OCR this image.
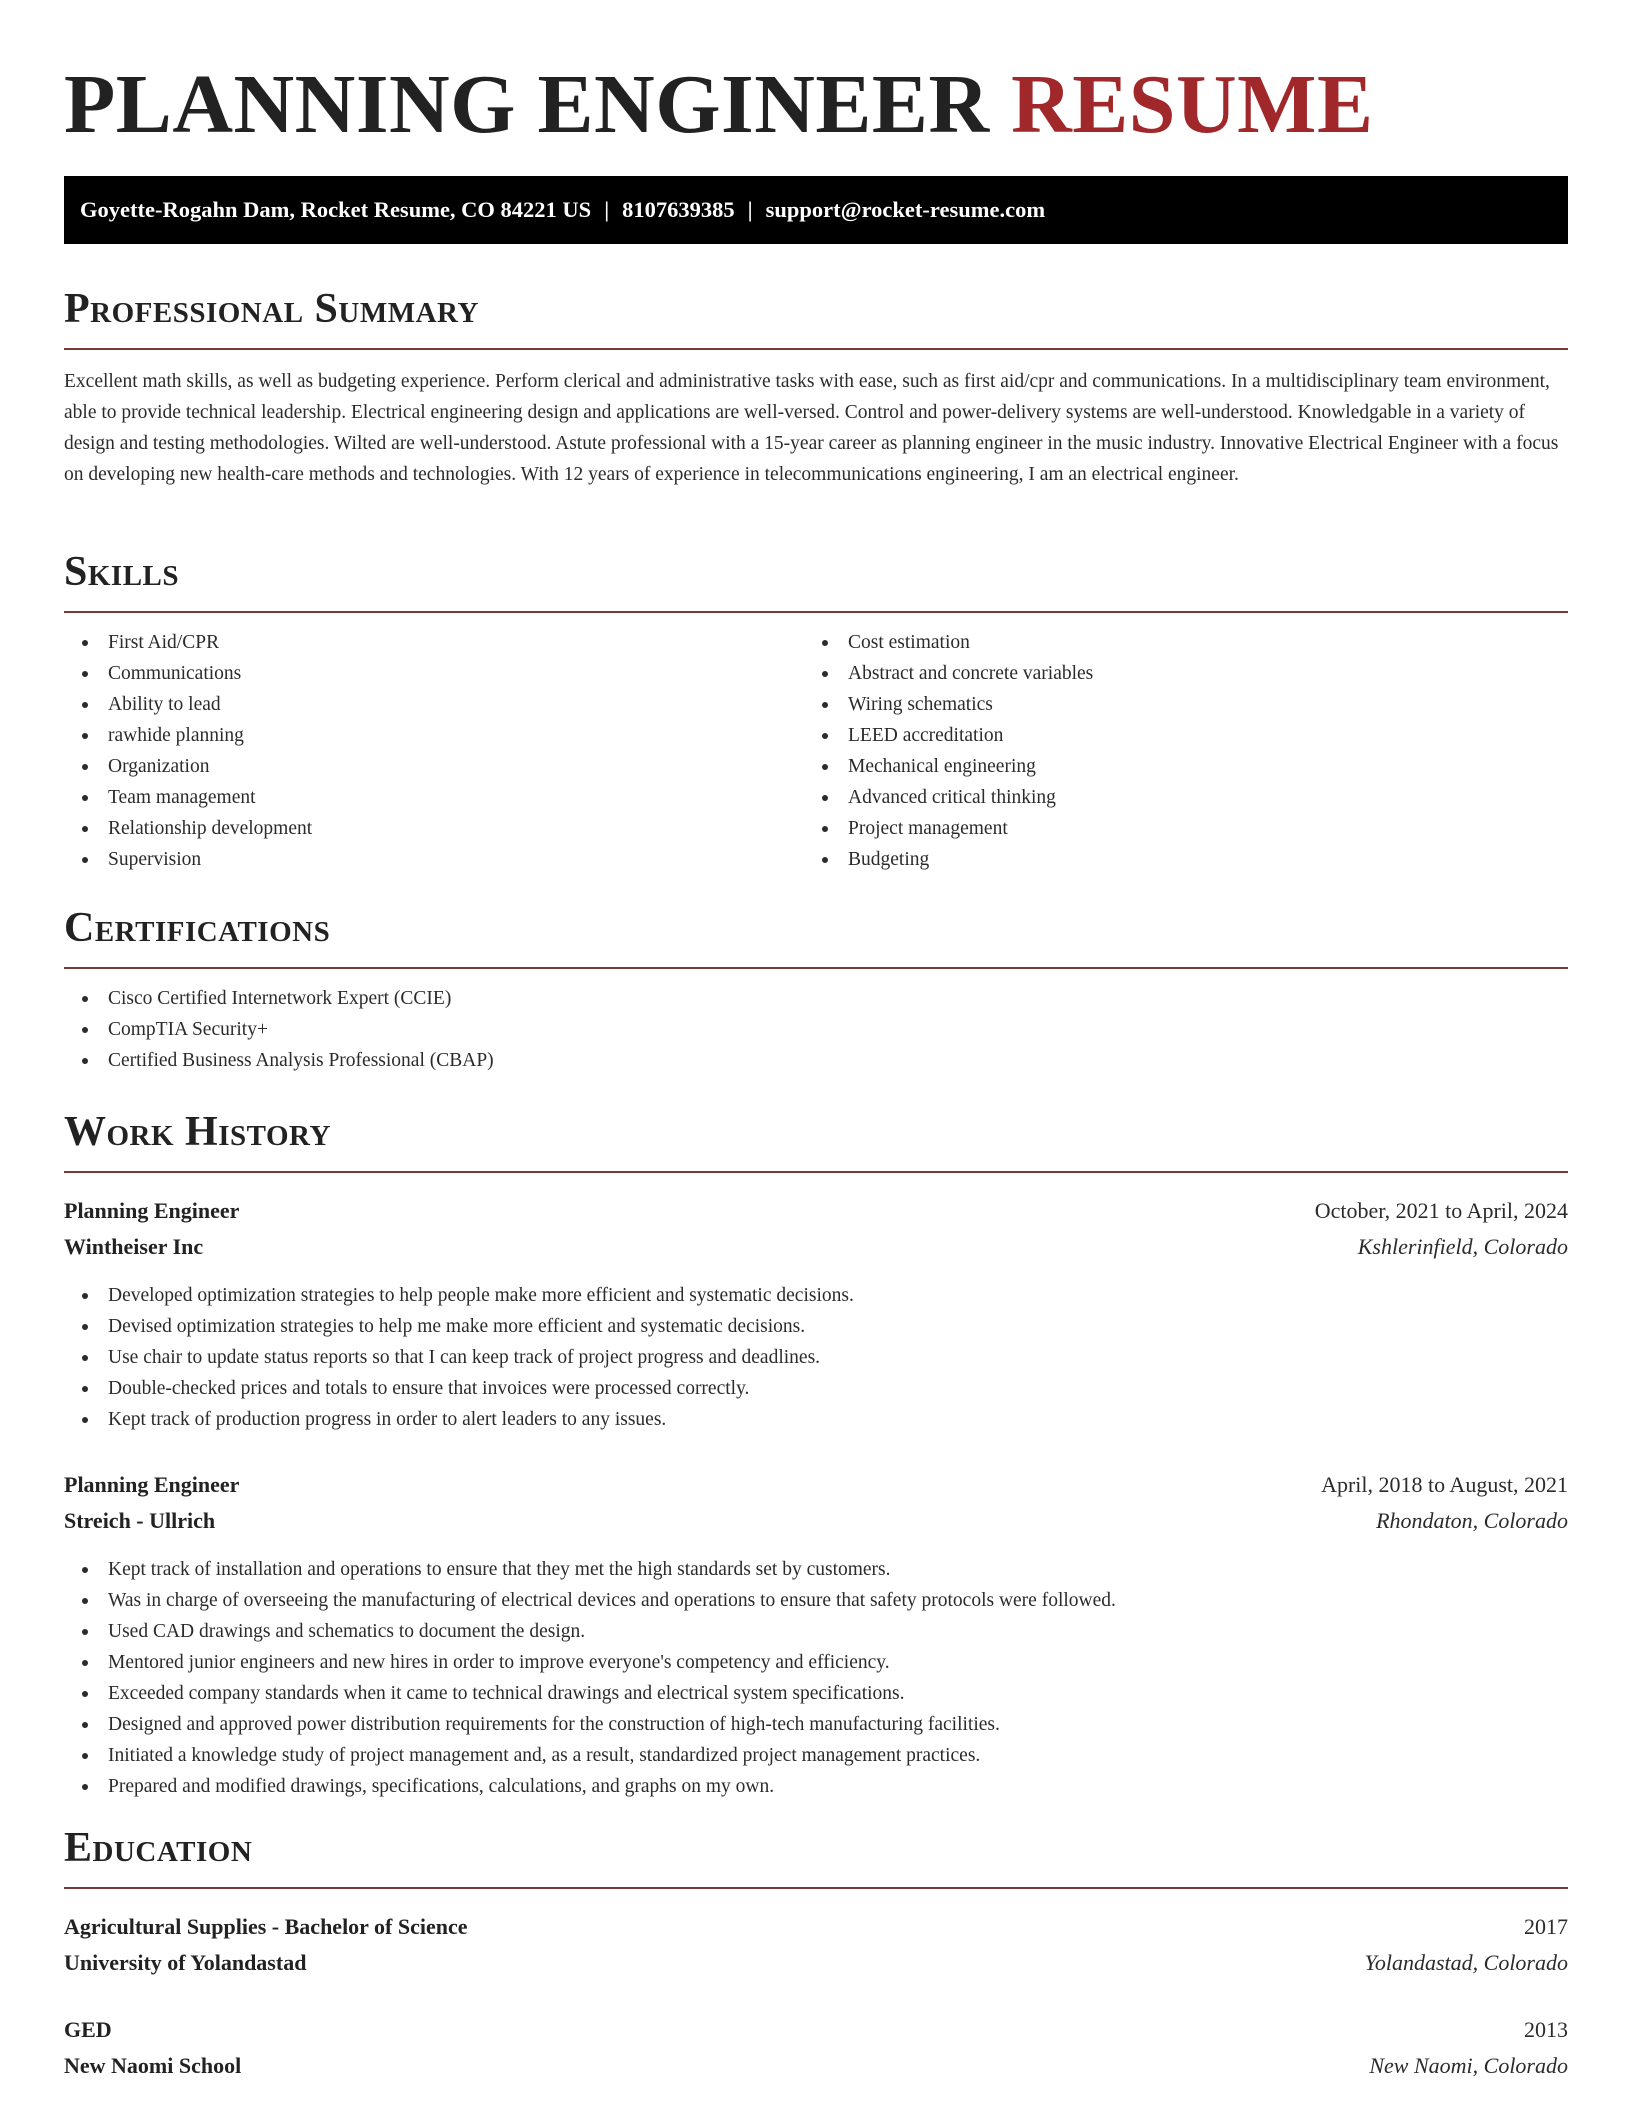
PLANNING ENGINEER RESUME
Goyette-Rogahn Dam, Rocket Resume, CO 84221 US | 8107639385 | support@rocket-resume.com
Professional Summary

Excellent math skills, as well as budgeting experience. Perform clerical and administrative tasks with ease, such as first aid/cpr and communications. In a multidisciplinary team environment, able to provide technical leadership. Electrical engineering design and applications are well-versed. Control and power-delivery systems are well-understood. Knowledgable in a variety of design and testing methodologies. Wilted are well-understood. Astute professional with a 15-year career as planning engineer in the music industry. Innovative Electrical Engineer with a focus on developing new health-care methods and technologies. With 12 years of experience in telecommunications engineering, I am an electrical engineer.

Skills
First Aid/CPR
Communications
Ability to lead
rawhide planning
Organization
Team management
Relationship development
Supervision
Cost estimation
Abstract and concrete variables
Wiring schematics
LEED accreditation
Mechanical engineering
Advanced critical thinking
Project management
Budgeting
Certifications
Cisco Certified Internetwork Expert (CCIE)
CompTIA Security+
Certified Business Analysis Professional (CBAP)
Work History
Planning Engineer	October, 2021 to April, 2024
Wintheiser Inc	Kshlerinfield, Colorado
Developed optimization strategies to help people make more efficient and systematic decisions.
Devised optimization strategies to help me make more efficient and systematic decisions.
Use chair to update status reports so that I can keep track of project progress and deadlines.
Double-checked prices and totals to ensure that invoices were processed correctly.
Kept track of production progress in order to alert leaders to any issues.
Planning Engineer	April, 2018 to August, 2021
Streich - Ullrich	Rhondaton, Colorado
Kept track of installation and operations to ensure that they met the high standards set by customers.
Was in charge of overseeing the manufacturing of electrical devices and operations to ensure that safety protocols were followed.
Used CAD drawings and schematics to document the design.
Mentored junior engineers and new hires in order to improve everyone's competency and efficiency.
Exceeded company standards when it came to technical drawings and electrical system specifications.
Designed and approved power distribution requirements for the construction of high-tech manufacturing facilities.
Initiated a knowledge study of project management and, as a result, standardized project management practices.
Prepared and modified drawings, specifications, calculations, and graphs on my own.
Education
Agricultural Supplies - Bachelor of Science	2017
University of Yolandastad	Yolandastad, Colorado
GED	2013
New Naomi School	New Naomi, Colorado
